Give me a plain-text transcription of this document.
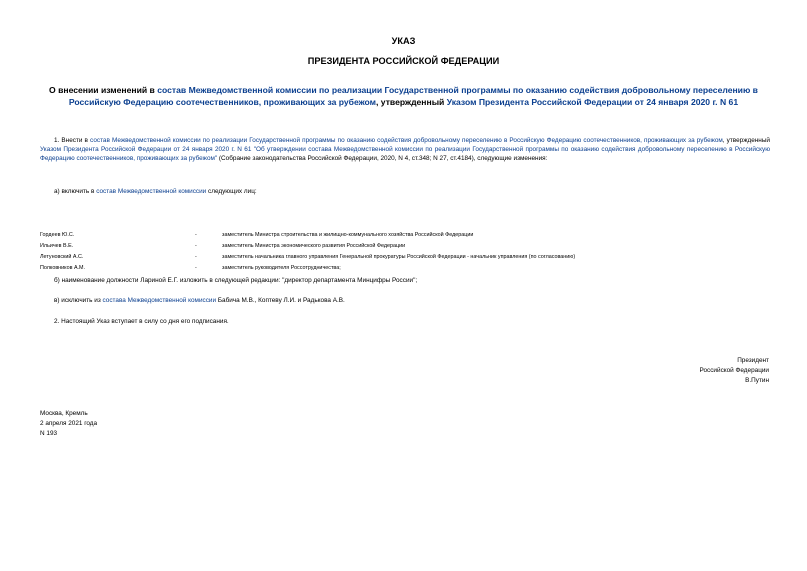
УКАЗ
ПРЕЗИДЕНТА РОССИЙСКОЙ ФЕДЕРАЦИИ
О внесении изменений в состав Межведомственной комиссии по реализации Государственной программы по оказанию содействия добровольному переселению в Российскую Федерацию соотечественников, проживающих за рубежом, утвержденный Указом Президента Российской Федерации от 24 января 2020 г. N 61
1. Внести в состав Межведомственной комиссии по реализации Государственной программы по оказанию содействия добровольному переселению в Российскую Федерацию соотечественников, проживающих за рубежом, утвержденный Указом Президента Российской Федерации от 24 января 2020 г. N 61 "Об утверждении состава Межведомственной комиссии по реализации Государственной программы по оказанию содействия добровольному переселению в Российскую Федерацию соотечественников, проживающих за рубежом" (Собрание законодательства Российской Федерации, 2020, N 4, ст.348; N 27, ст.4184), следующие изменения:
а) включить в состав Межведомственной комиссии следующих лиц:
Гордеев Ю.С.	-	заместитель Министра строительства и жилищно-коммунального хозяйства Российской Федерации
Ильичев В.Е.	-	заместитель Министра экономического развития Российской Федерации
Летуновский А.С.	-	заместитель начальника главного управления Генеральной прокуратуры Российской Федерации - начальник управления (по согласованию)
Полковников А.М.	-	заместитель руководителя Россотрудничества;
б) наименование должности Лариной Е.Г. изложить в следующей редакции: "директор департамента Минцифры России";
в) исключить из состава Межведомственной комиссии Бабича М.В., Коптеву Л.И. и Радькова А.В.
2. Настоящий Указ вступает в силу со дня его подписания.
Президент
Российской Федерации
В.Путин
Москва, Кремль
2 апреля 2021 года
N 193
